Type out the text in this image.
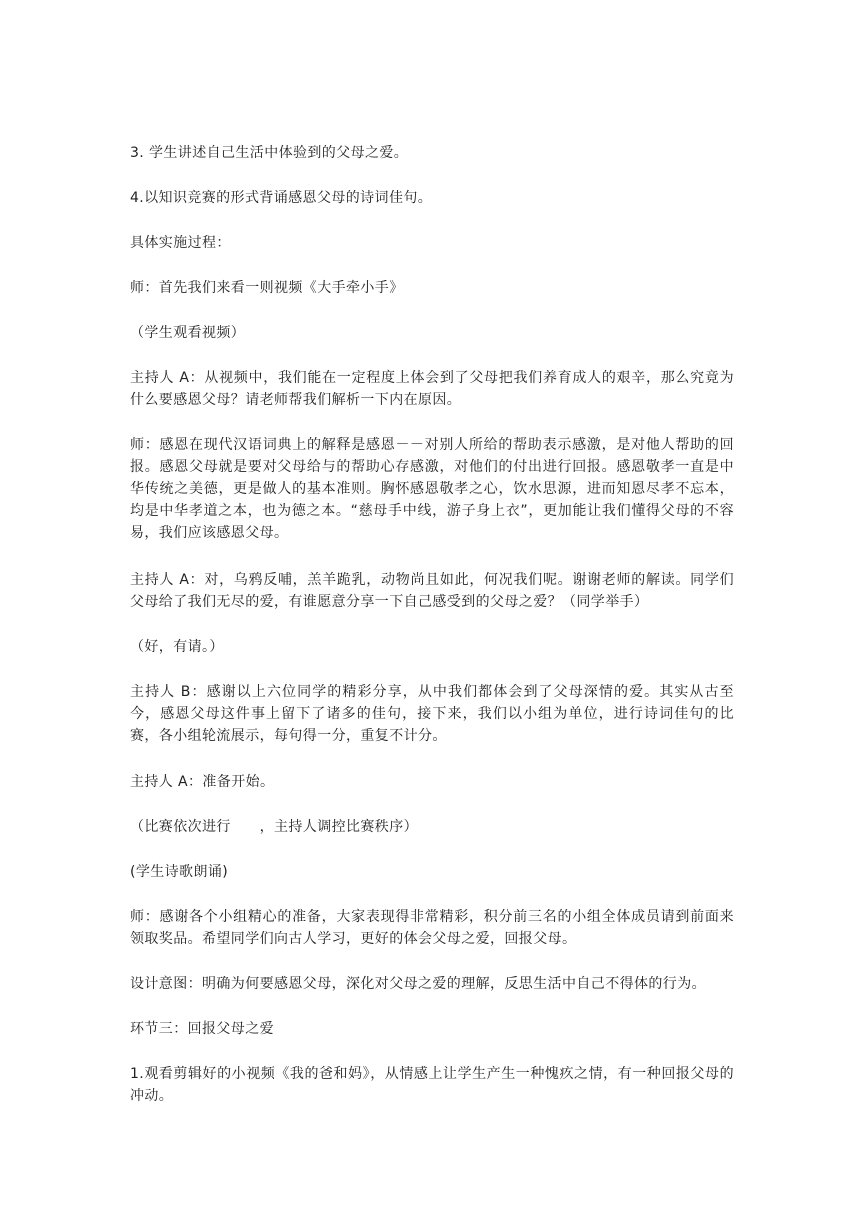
3. 学生讲述自己生活中体验到的父母之爱。

4.以知识竞赛的形式背诵感恩父母的诗词佳句。

具体实施过程：

师：首先我们来看一则视频《大手牵小手》

（学生观看视频）

主持人 A：从视频中，我们能在一定程度上体会到了父母把我们养育成人的艰辛，那么究竟为什么要感恩父母？请老师帮我们解析一下内在原因。

师：感恩在现代汉语词典上的解释是感恩－－对别人所给的帮助表示感激，是对他人帮助的回报。感恩父母就是要对父母给与的帮助心存感激，对他们的付出进行回报。感恩敬孝一直是中华传统之美德，更是做人的基本准则。胸怀感恩敬孝之心，饮水思源，进而知恩尽孝不忘本，均是中华孝道之本，也为德之本。“慈母手中线，游子身上衣”，更加能让我们懂得父母的不容易，我们应该感恩父母。

主持人 A：对，乌鸦反哺，羔羊跪乳，动物尚且如此，何况我们呢。谢谢老师的解读。同学们父母给了我们无尽的爱，有谁愿意分享一下自己感受到的父母之爱？（同学举手）

（好，有请。）

主持人 B：感谢以上六位同学的精彩分享，从中我们都体会到了父母深情的爱。其实从古至今，感恩父母这件事上留下了诸多的佳句，接下来，我们以小组为单位，进行诗词佳句的比赛，各小组轮流展示，每句得一分，重复不计分。

主持人 A：准备开始。

（比赛依次进行　　，主持人调控比赛秩序）

(学生诗歌朗诵)

师：感谢各个小组精心的准备，大家表现得非常精彩，积分前三名的小组全体成员请到前面来领取奖品。希望同学们向古人学习，更好的体会父母之爱，回报父母。

设计意图：明确为何要感恩父母，深化对父母之爱的理解，反思生活中自己不得体的行为。

环节三：回报父母之爱

1.观看剪辑好的小视频《我的爸和妈》，从情感上让学生产生一种愧疚之情，有一种回报父母的冲动。
